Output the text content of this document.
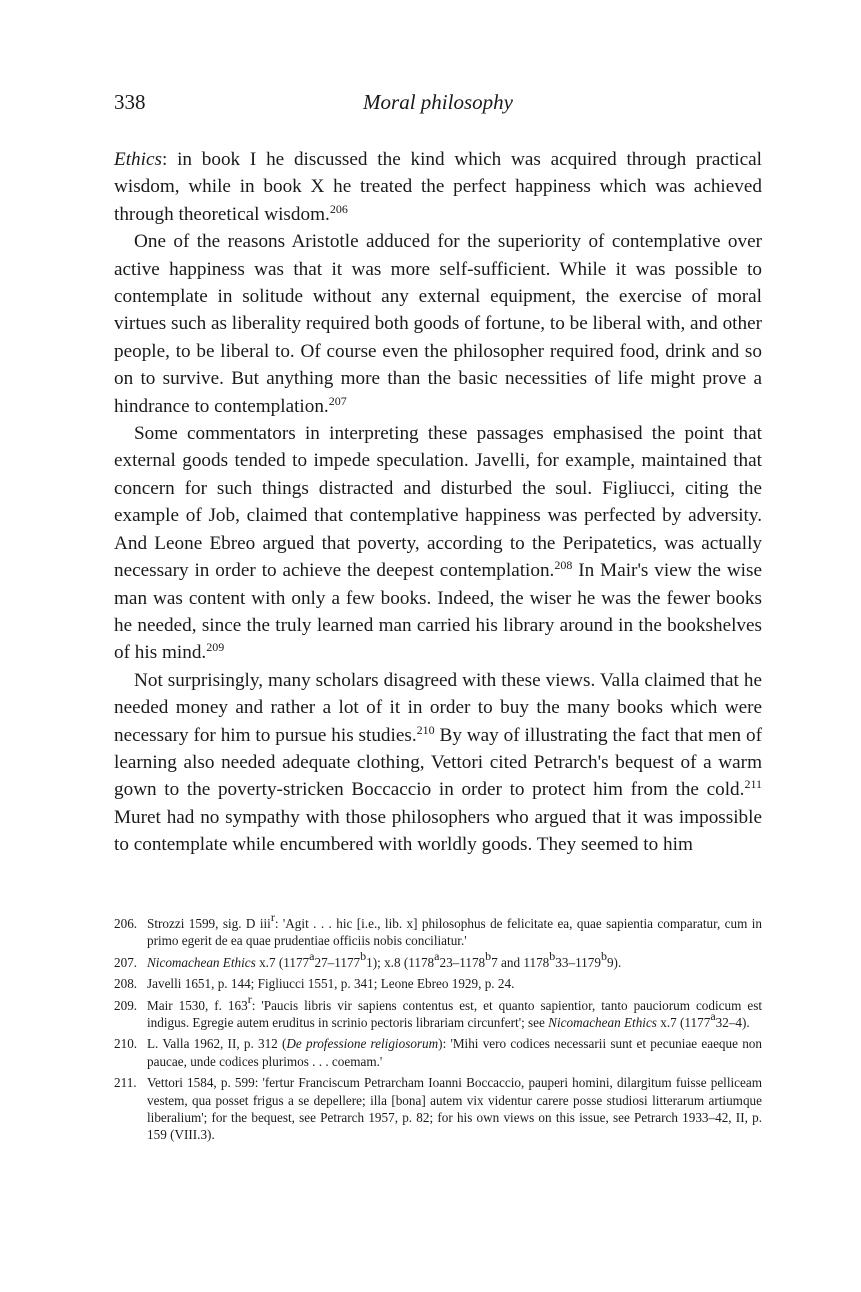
338	Moral philosophy

Ethics: in book I he discussed the kind which was acquired through practical wisdom, while in book X he treated the perfect happiness which was achieved through theoretical wisdom.$^{206}$

One of the reasons Aristotle adduced for the superiority of contemplative over active happiness was that it was more self-sufficient. While it was possible to contemplate in solitude without any external equipment, the exercise of moral virtues such as liberality required both goods of fortune, to be liberal with, and other people, to be liberal to. Of course even the philosopher required food, drink and so on to survive. But anything more than the basic necessities of life might prove a hindrance to contemplation.$^{207}$

Some commentators in interpreting these passages emphasised the point that external goods tended to impede speculation. Javelli, for example, maintained that concern for such things distracted and disturbed the soul. Figliucci, citing the example of Job, claimed that contemplative happiness was perfected by adversity. And Leone Ebreo argued that poverty, according to the Peripatetics, was actually necessary in order to achieve the deepest contemplation.$^{208}$ In Mair's view the wise man was content with only a few books. Indeed, the wiser he was the fewer books he needed, since the truly learned man carried his library around in the bookshelves of his mind.$^{209}$

Not surprisingly, many scholars disagreed with these views. Valla claimed that he needed money and rather a lot of it in order to buy the many books which were necessary for him to pursue his studies.$^{210}$ By way of illustrating the fact that men of learning also needed adequate clothing, Vettori cited Petrarch's bequest of a warm gown to the poverty-stricken Boccaccio in order to protect him from the cold.$^{211}$ Muret had no sympathy with those philosophers who argued that it was impossible to contemplate while encumbered with worldly goods. They seemed to him

206. Strozzi 1599, sig. D iii$^r$: 'Agit . . . hic [i.e., lib. x] philosophus de felicitate ea, quae sapientia comparatur, cum in primo egerit de ea quae prudentiae officiis nobis conciliatur.'
207. Nicomachean Ethics x.7 (1177$^a$27–1177$^b$1); x.8 (1178$^a$23–1178$^b$7 and 1178$^b$33–1179$^b$9).
208. Javelli 1651, p. 144; Figliucci 1551, p. 341; Leone Ebreo 1929, p. 24.
209. Mair 1530, f. 163$^r$: 'Paucis libris vir sapiens contentus est, et quanto sapientior, tanto pauciorum codicum est indigus. Egregie autem eruditus in scrinio pectoris librariam circunfert'; see Nicomachean Ethics x.7 (1177$^a$32–4).
210. L. Valla 1962, II, p. 312 (De professione religiosorum): 'Mihi vero codices necessarii sunt et pecuniae eaeque non paucae, unde codices plurimos . . . coemam.'
211. Vettori 1584, p. 599: 'fertur Franciscum Petrarcham Ioanni Boccaccio, pauperi homini, dilargitum fuisse pelliceam vestem, qua posset frigus a se depellere; illa [bona] autem vix videntur carere posse studiosi litterarum artiumque liberalium'; for the bequest, see Petrarch 1957, p. 82; for his own views on this issue, see Petrarch 1933–42, II, p. 159 (VIII.3).
